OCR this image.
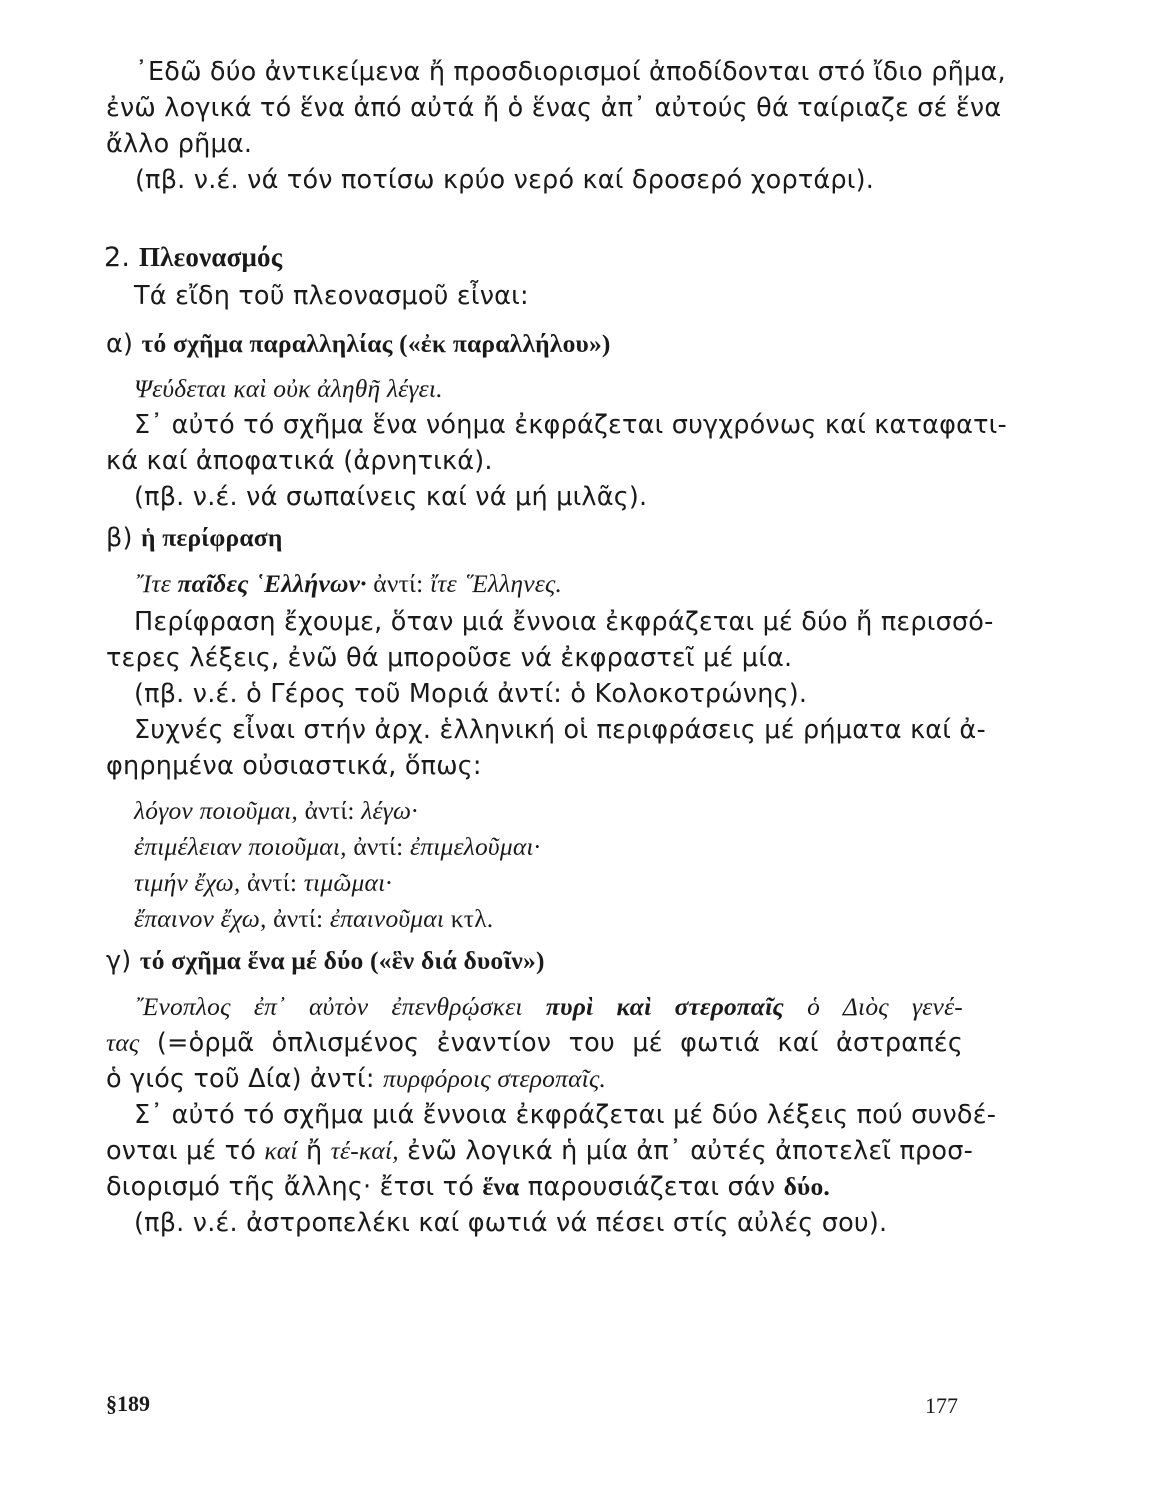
᾿Εδῶ δύο ἀντικείμενα ἤ προσδιορισμοί ἀποδίδονται στό ἴδιο ρῆμα,
ἐνῶ λογικά τό ἕνα ἀπό αὐτά ἤ ὁ ἕνας ἀπ᾿ αὐτούς θά ταίριαζε σέ ἕνα
ἄλλο ρῆμα.
(πβ. ν.έ. νά τόν ποτίσω κρύο νερό καί δροσερό χορτάρι).
2. Πλεονασμός
Τά εἴδη τοῦ πλεονασμοῦ εἶναι:
α) τό σχῆμα παραλληλίας («ἐκ παραλλήλου»)
Ψεύδεται καὶ οὐκ ἀληθῆ λέγει.
Σ᾿ αὐτό τό σχῆμα ἕνα νόημα ἐκφράζεται συγχρόνως καί καταφατι-
κά καί ἀποφατικά (ἀρνητικά).
(πβ. ν.έ. νά σωπαίνεις καί νά μή μιλᾶς).
β) ἡ περίφραση
῎Ιτε παῖδες ῾Ελλήνων· ἀντί: ἴτε ῞Ελληνες.
Περίφραση ἔχουμε, ὅταν μιά ἔννοια ἐκφράζεται μέ δύο ἤ περισσό-
τερες λέξεις, ἐνῶ θά μποροῦσε νά ἐκφραστεῖ μέ μία.
(πβ. ν.έ. ὁ Γέρος τοῦ Μοριά ἀντί: ὁ Κολοκοτρώνης).
Συχνές εἶναι στήν ἀρχ. ἑλληνική οἱ περιφράσεις μέ ρήματα καί ἀ-
φηρημένα οὐσιαστικά, ὅπως:
λόγον ποιοῦμαι, ἀντί: λέγω·
ἐπιμέλειαν ποιοῦμαι, ἀντί: ἐπιμελοῦμαι·
τιμήν ἔχω, ἀντί: τιμῶμαι·
ἔπαινον ἔχω, ἀντί: ἐπαινοῦμαι κτλ.
γ) τό σχῆμα ἕνα μέ δύο («ἓν διά δυοῖν»)
῎Ενοπλος ἐπ᾿ αὐτὸν ἐπενθρῴσκει πυρὶ καὶ στεροπαῖς ὁ Διὸς γενέ-
τας (=ὁρμᾶ ὁπλισμένος ἐναντίον του μέ φωτιά καί ἀστραπές
ὁ γιός τοῦ Δία) ἀντί: πυρφόροις στεροπαῖς.
Σ᾿ αὐτό τό σχῆμα μιά ἔννοια ἐκφράζεται μέ δύο λέξεις πού συνδέ-
ονται μέ τό καί ἤ τέ-καί, ἐνῶ λογικά ἡ μία ἀπ᾿ αὐτές ἀποτελεῖ προσ-
διορισμό τῆς ἄλλης· ἔτσι τό ἕνα παρουσιάζεται σάν δύο.
(πβ. ν.έ. ἀστροπελέκι καί φωτιά νά πέσει στίς αὐλές σου).
§189	177
